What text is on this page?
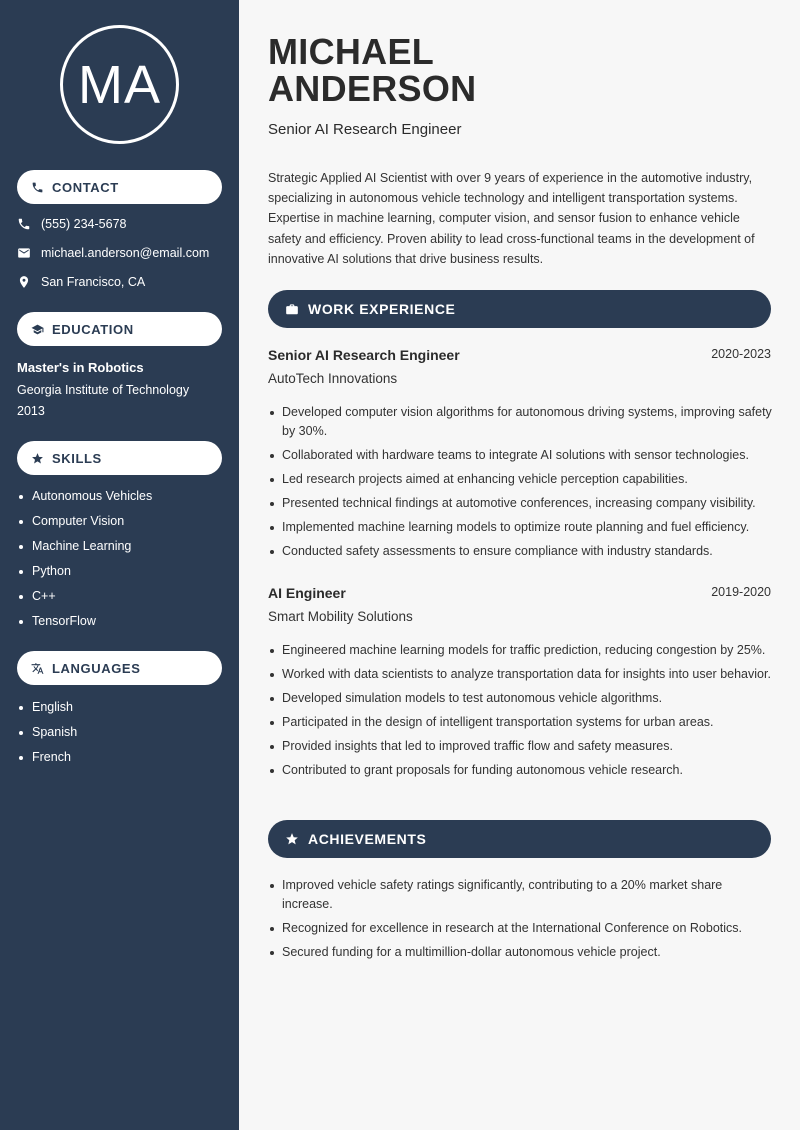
MA
CONTACT
(555) 234-5678
michael.anderson@email.com
San Francisco, CA
EDUCATION
Master's in Robotics
Georgia Institute of Technology
2013
SKILLS
Autonomous Vehicles
Computer Vision
Machine Learning
Python
C++
TensorFlow
LANGUAGES
English
Spanish
French
MICHAEL
ANDERSON
Senior AI Research Engineer

Strategic Applied AI Scientist with over 9 years of experience in the automotive industry, specializing in autonomous vehicle technology and intelligent transportation systems. Expertise in machine learning, computer vision, and sensor fusion to enhance vehicle safety and efficiency. Proven ability to lead cross-functional teams in the development of innovative AI solutions that drive business results.

WORK EXPERIENCE
Senior AI Research Engineer	2020-2023
AutoTech Innovations
Developed computer vision algorithms for autonomous driving systems, improving safety by 30%.
Collaborated with hardware teams to integrate AI solutions with sensor technologies.
Led research projects aimed at enhancing vehicle perception capabilities.
Presented technical findings at automotive conferences, increasing company visibility.
Implemented machine learning models to optimize route planning and fuel efficiency.
Conducted safety assessments to ensure compliance with industry standards.
AI Engineer	2019-2020
Smart Mobility Solutions
Engineered machine learning models for traffic prediction, reducing congestion by 25%.
Worked with data scientists to analyze transportation data for insights into user behavior.
Developed simulation models to test autonomous vehicle algorithms.
Participated in the design of intelligent transportation systems for urban areas.
Provided insights that led to improved traffic flow and safety measures.
Contributed to grant proposals for funding autonomous vehicle research.
ACHIEVEMENTS
Improved vehicle safety ratings significantly, contributing to a 20% market share increase.
Recognized for excellence in research at the International Conference on Robotics.
Secured funding for a multimillion-dollar autonomous vehicle project.
